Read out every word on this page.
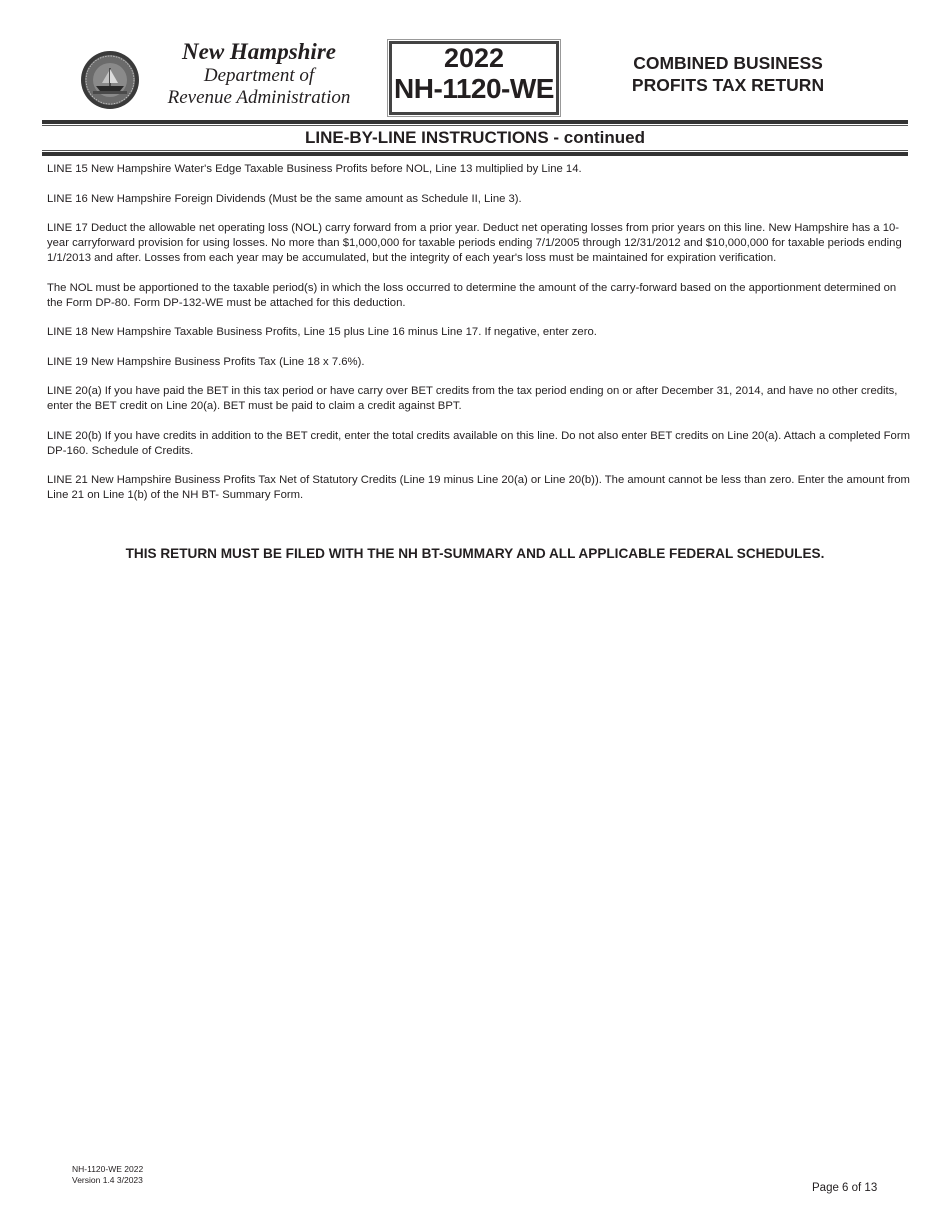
New Hampshire
Department of
Revenue Administration
2022
NH-1120-WE
COMBINED BUSINESS
PROFITS TAX RETURN
LINE-BY-LINE INSTRUCTIONS - continued

LINE 15 New Hampshire Water's Edge Taxable Business Profits before NOL, Line 13 multiplied by Line 14.

LINE 16 New Hampshire Foreign Dividends (Must be the same amount as Schedule II, Line 3).

LINE 17 Deduct the allowable net operating loss (NOL) carry forward from a prior year. Deduct net operating losses from prior years on this line. New Hampshire has a 10-year carryforward provision for using losses. No more than $1,000,000 for taxable periods ending 7/1/2005 through 12/31/2012 and $10,000,000 for taxable periods ending 1/1/2013 and after. Losses from each year may be accumulated, but the integrity of each year's loss must be maintained for expiration verification.

The NOL must be apportioned to the taxable period(s) in which the loss occurred to determine the amount of the carry-forward based on the apportionment determined on the Form DP-80. Form DP-132-WE must be attached for this deduction.

LINE 18 New Hampshire Taxable Business Profits, Line 15 plus Line 16 minus Line 17. If negative, enter zero.

LINE 19 New Hampshire Business Profits Tax (Line 18 x 7.6%).

LINE 20(a) If you have paid the BET in this tax period or have carry over BET credits from the tax period ending on or after December 31, 2014, and have no other credits, enter the BET credit on Line 20(a). BET must be paid to claim a credit against BPT.

LINE 20(b) If you have credits in addition to the BET credit, enter the total credits available on this line. Do not also enter BET credits on Line 20(a). Attach a completed Form DP-160. Schedule of Credits.

LINE 21 New Hampshire Business Profits Tax Net of Statutory Credits (Line 19 minus Line 20(a) or Line 20(b)). The amount cannot be less than zero. Enter the amount from Line 21 on Line 1(b) of the NH BT- Summary Form.

THIS RETURN MUST BE FILED WITH THE NH BT-SUMMARY AND ALL APPLICABLE FEDERAL SCHEDULES.
NH-1120-WE 2022
Version 1.4 3/2023
Page 6 of 13
